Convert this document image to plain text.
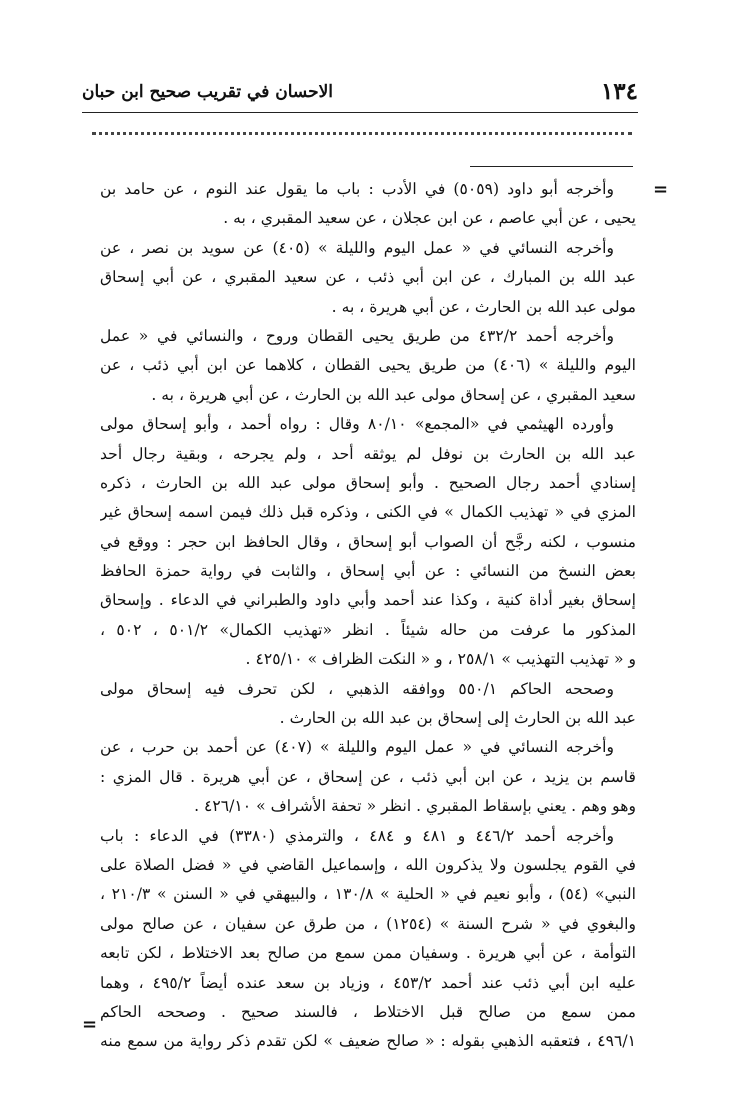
١٣٤
الاحسان في تقريب صحيح ابن حبان
=
وأخرجه أبو داود (٥٠٥٩) في الأدب : باب ما يقول عند النوم ، عن حامد بن
يحيى ، عن أبي عاصم ، عن ابن عجلان ، عن سعيد المقبري ، به .
وأخرجه النسائي في « عمل اليوم والليلة » (٤٠٥) عن سويد بن نصر ، عن
عبد الله بن المبارك ، عن ابن أبي ذئب ، عن سعيد المقبري ، عن أبي إسحاق
مولى عبد الله بن الحارث ، عن أبي هريرة ، به .
وأخرجه أحمد ٤٣٢/٢ من طريق يحيى القطان وروح ، والنسائي في « عمل
اليوم والليلة » (٤٠٦) من طريق يحيى القطان ، كلاهما عن ابن أبي ذئب ، عن
سعيد المقبري ، عن إسحاق مولى عبد الله بن الحارث ، عن أبي هريرة ، به .
وأورده الهيثمي في «المجمع» ٨٠/١٠ وقال : رواه أحمد ، وأبو إسحاق مولى
عبد الله بن الحارث بن نوفل لم يوثقه أحد ، ولم يجرحه ، وبقية رجال أحد
إسنادي أحمد رجال الصحيح . وأبو إسحاق مولى عبد الله بن الحارث ، ذكره
المزي في « تهذيب الكمال » في الكنى ، وذكره قبل ذلك فيمن اسمه إسحاق غير
منسوب ، لكنه رجَّح أن الصواب أبو إسحاق ، وقال الحافظ ابن حجر : ووقع في
بعض النسخ من النسائي : عن أبي إسحاق ، والثابت في رواية حمزة الحافظ
إسحاق بغير أداة كنية ، وكذا عند أحمد وأبي داود والطبراني في الدعاء . وإسحاق
المذكور ما عرفت من حاله شيئاً . انظر «تهذيب الكمال» ٥٠١/٢ ، ٥٠٢ ،
و « تهذيب التهذيب » ٢٥٨/١ ، و « النكت الظراف » ٤٢٥/١٠ .
وصححه الحاكم ٥٥٠/١ ووافقه الذهبي ، لكن تحرف فيه إسحاق مولى
عبد الله بن الحارث إلى إسحاق بن عبد الله بن الحارث .
وأخرجه النسائي في « عمل اليوم والليلة » (٤٠٧) عن أحمد بن حرب ، عن
قاسم بن يزيد ، عن ابن أبي ذئب ، عن إسحاق ، عن أبي هريرة . قال المزي :
وهو وهم . يعني بإسقاط المقبري . انظر « تحفة الأشراف » ٤٢٦/١٠ .
وأخرجه أحمد ٤٤٦/٢ و ٤٨١ و ٤٨٤ ، والترمذي (٣٣٨٠) في الدعاء : باب
في القوم يجلسون ولا يذكرون الله ، وإسماعيل القاضي في « فضل الصلاة على
النبي» (٥٤) ، وأبو نعيم في « الحلية » ١٣٠/٨ ، والبيهقي في « السنن » ٢١٠/٣ ،
والبغوي في « شرح السنة » (١٢٥٤) ، من طرق عن سفيان ، عن صالح مولى
التوأمة ، عن أبي هريرة . وسفيان ممن سمع من صالح بعد الاختلاط ، لكن تابعه
عليه ابن أبي ذئب عند أحمد ٤٥٣/٢ ، وزياد بن سعد عنده أيضاً ٤٩٥/٢ ، وهما
ممن سمع من صالح قبل الاختلاط ، فالسند صحيح . وصححه الحاكم
٤٩٦/١ ، فتعقبه الذهبي بقوله : « صالح ضعيف » لكن تقدم ذكر رواية من سمع منه
=
